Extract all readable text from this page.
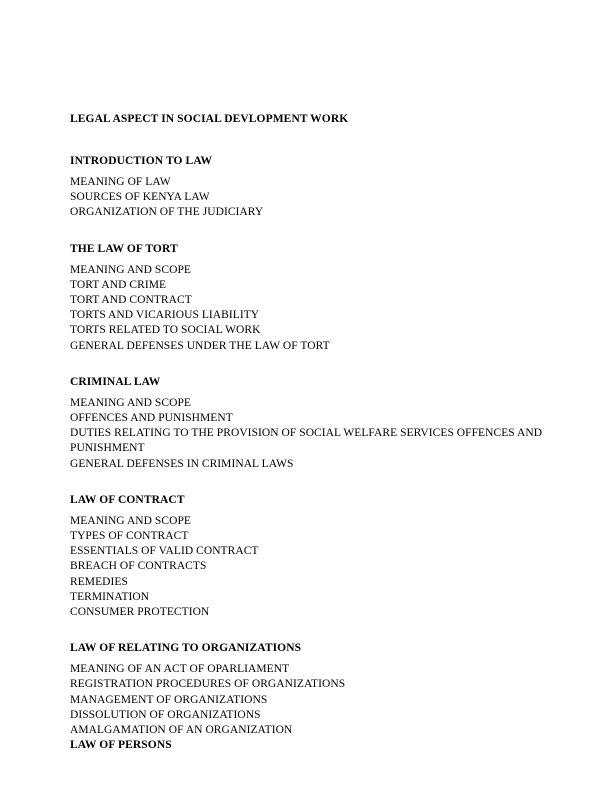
LEGAL ASPECT IN SOCIAL DEVLOPMENT WORK
INTRODUCTION TO LAW
MEANING OF LAW
SOURCES OF KENYA LAW
ORGANIZATION OF THE JUDICIARY
THE LAW OF TORT
MEANING AND SCOPE
TORT AND CRIME
TORT AND CONTRACT
TORTS AND VICARIOUS LIABILITY
TORTS RELATED TO SOCIAL WORK
GENERAL DEFENSES UNDER THE LAW OF TORT
CRIMINAL LAW
MEANING AND SCOPE
OFFENCES AND PUNISHMENT
DUTIES RELATING TO THE PROVISION OF SOCIAL WELFARE SERVICES OFFENCES AND PUNISHMENT
GENERAL DEFENSES IN CRIMINAL LAWS
LAW OF CONTRACT
MEANING AND SCOPE
TYPES OF CONTRACT
ESSENTIALS OF VALID CONTRACT
BREACH OF CONTRACTS
REMEDIES
TERMINATION
CONSUMER PROTECTION
LAW OF RELATING TO ORGANIZATIONS
MEANING OF AN ACT OF OPARLIAMENT
REGISTRATION PROCEDURES OF ORGANIZATIONS
MANAGEMENT OF ORGANIZATIONS
DISSOLUTION OF ORGANIZATIONS
AMALGAMATION OF AN ORGANIZATION
LAW OF PERSONS
